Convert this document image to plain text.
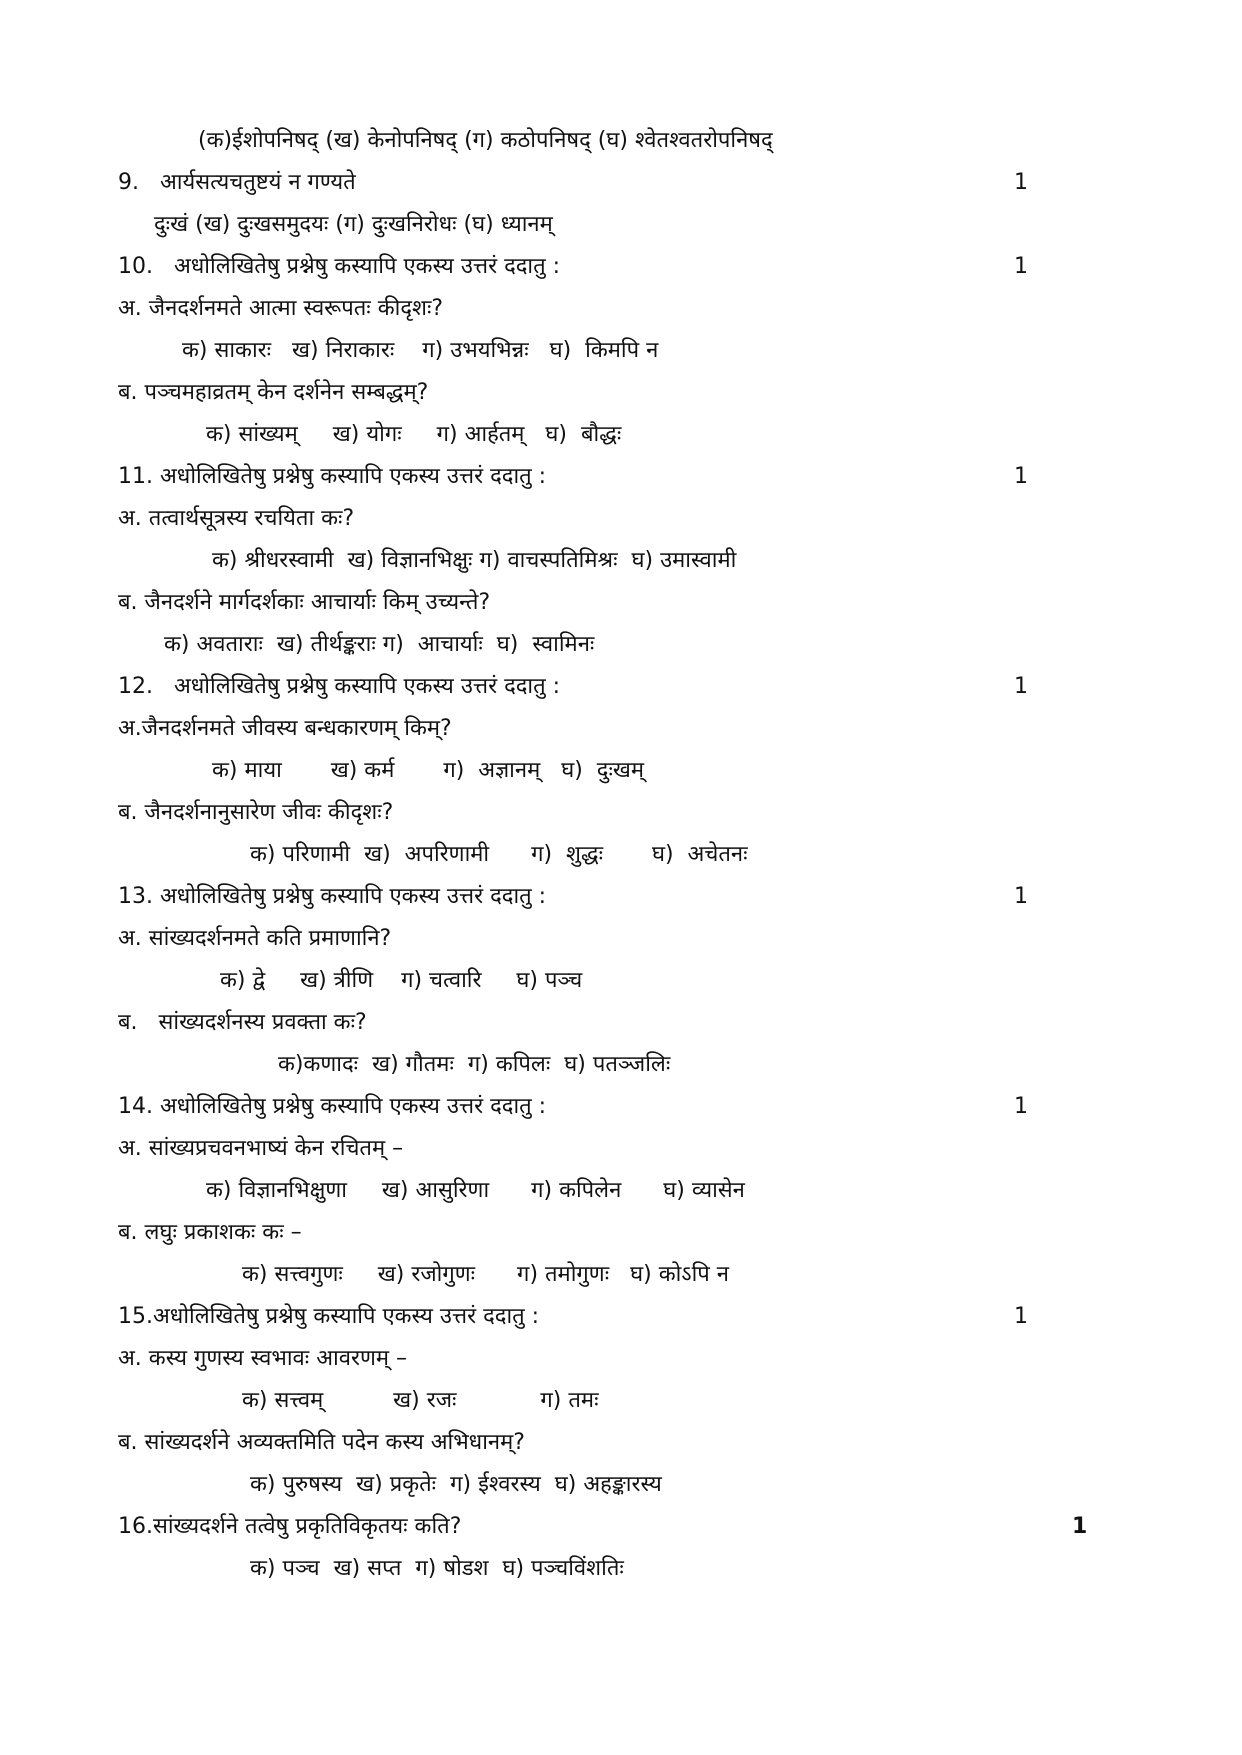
(क)ईशोपनिषद् (ख) केनोपनिषद् (ग) कठोपनिषद् (घ) श्वेतश्वतरोपनिषद्
9.   आर्यसत्यचतुष्टयं न गण्यते	1
दुःखं (ख) दुःखसमुदयः (ग) दुःखनिरोधः (घ) ध्यानम्
10.   अधोलिखितेषु प्रश्नेषु कस्यापि एकस्य उत्तरं ददातु :	1
अ. जैनदर्शनमते आत्मा स्वरूपतः कीदृशः?
क) साकारः   ख) निराकारः    ग) उभयभिन्नः   घ)  किमपि न
ब. पञ्चमहाव्रतम् केन दर्शनेन सम्बद्धम्?
क) सांख्यम्     ख) योगः     ग) आर्हतम्   घ)  बौद्धः
11. अधोलिखितेषु प्रश्नेषु कस्यापि एकस्य उत्तरं ददातु :	1
अ. तत्वार्थसूत्रस्य रचयिता कः?
क) श्रीधरस्वामी  ख) विज्ञानभिक्षुः ग) वाचस्पतिमिश्रः  घ) उमास्वामी
ब. जैनदर्शने मार्गदर्शकाः आचार्याः किम् उच्यन्ते?
क) अवताराः  ख) तीर्थङ्कराः ग)  आचार्याः  घ)  स्वामिनः
12.   अधोलिखितेषु प्रश्नेषु कस्यापि एकस्य उत्तरं ददातु :	1
अ.जैनदर्शनमते जीवस्य बन्धकारणम् किम्?
क) माया       ख) कर्म       ग)  अज्ञानम्   घ)  दुःखम्
ब. जैनदर्शनानुसारेण जीवः कीदृशः?
क) परिणामी  ख)  अपरिणामी      ग)  शुद्धः       घ)  अचेतनः
13. अधोलिखितेषु प्रश्नेषु कस्यापि एकस्य उत्तरं ददातु :	1
अ. सांख्यदर्शनमते कति प्रमाणानि?
क) द्वे     ख) त्रीणि    ग) चत्वारि     घ) पञ्च
ब.   सांख्यदर्शनस्य प्रवक्ता कः?
क)कणादः  ख) गौतमः  ग) कपिलः  घ) पतञ्जलिः
14. अधोलिखितेषु प्रश्नेषु कस्यापि एकस्य उत्तरं ददातु :	1
अ. सांख्यप्रचवनभाष्यं केन रचितम् –
क) विज्ञानभिक्षुणा     ख) आसुरिणा      ग) कपिलेन      घ) व्यासेन
ब. लघुः प्रकाशकः कः –
क) सत्त्वगुणः     ख) रजोगुणः      ग) तमोगुणः   घ) कोऽपि न
15.अधोलिखितेषु प्रश्नेषु कस्यापि एकस्य उत्तरं ददातु :	1
अ. कस्य गुणस्य स्वभावः आवरणम् –
क) सत्त्वम्          ख) रजः            ग) तमः
ब. सांख्यदर्शने अव्यक्तमिति पदेन कस्य अभिधानम्?
क) पुरुषस्य  ख) प्रकृतेः  ग) ईश्वरस्य  घ) अहङ्कारस्य
16.सांख्यदर्शने तत्वेषु प्रकृतिविकृतयः कति?	1
क) पञ्च  ख) सप्त  ग) षोडश  घ) पञ्चविंशतिः
